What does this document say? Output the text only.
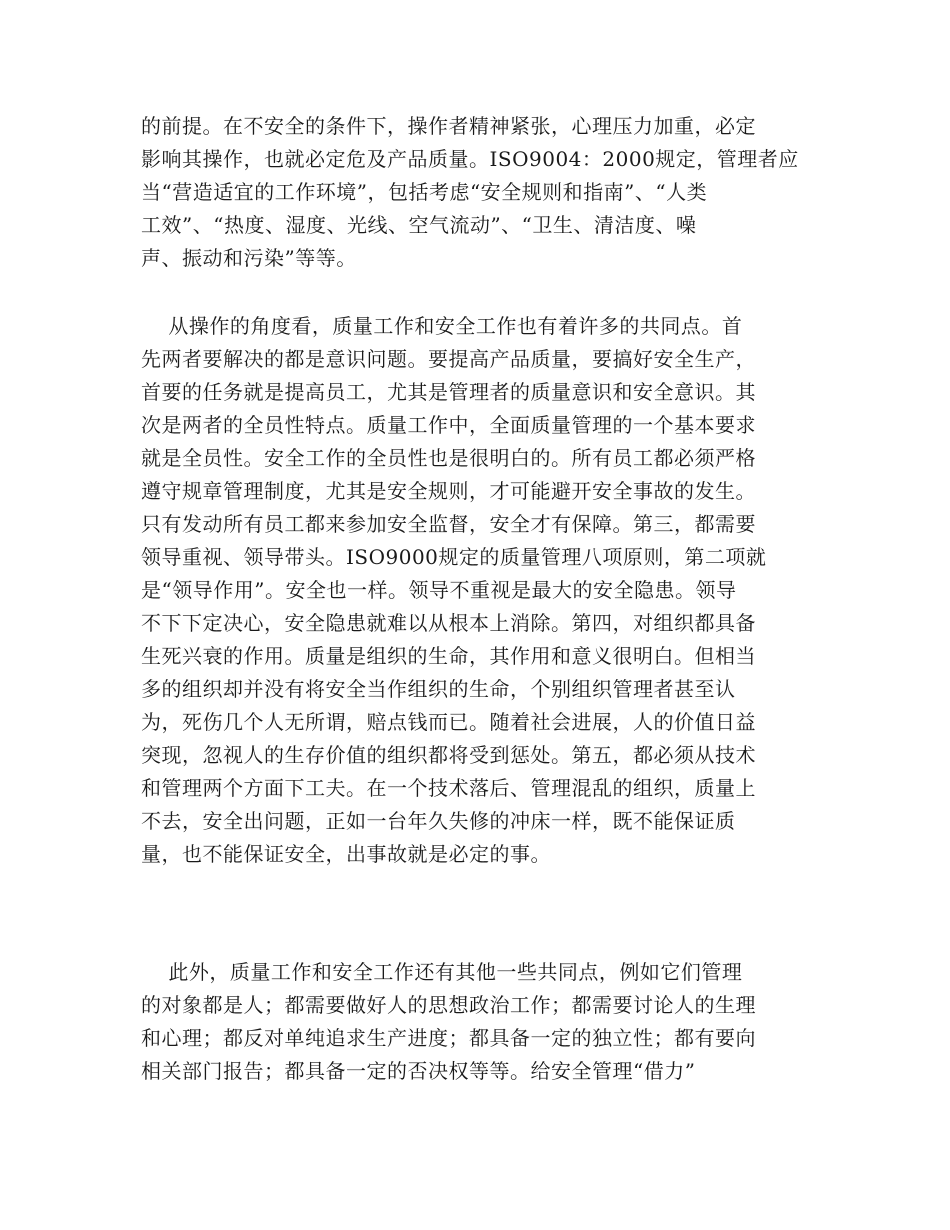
的前提。在不安全的条件下，操作者精神紧张，心理压力加重，必定
影响其操作，也就必定危及产品质量。ISO9004：2000规定，管理者应
当“营造适宜的工作环境”，包括考虑“安全规则和指南”、“人类
工效”、“热度、湿度、光线、空气流动”、“卫生、清洁度、噪
声、振动和污染”等等。
从操作的角度看，质量工作和安全工作也有着许多的共同点。首
先两者要解决的都是意识问题。要提高产品质量，要搞好安全生产，
首要的任务就是提高员工，尤其是管理者的质量意识和安全意识。其
次是两者的全员性特点。质量工作中，全面质量管理的一个基本要求
就是全员性。安全工作的全员性也是很明白的。所有员工都必须严格
遵守规章管理制度，尤其是安全规则，才可能避开安全事故的发生。
只有发动所有员工都来参加安全监督，安全才有保障。第三，都需要
领导重视、领导带头。ISO9000规定的质量管理八项原则，第二项就
是“领导作用”。安全也一样。领导不重视是最大的安全隐患。领导
不下下定决心，安全隐患就难以从根本上消除。第四，对组织都具备
生死兴衰的作用。质量是组织的生命，其作用和意义很明白。但相当
多的组织却并没有将安全当作组织的生命，个别组织管理者甚至认
为，死伤几个人无所谓，赔点钱而已。随着社会进展，人的价值日益
突现，忽视人的生存价值的组织都将受到惩处。第五，都必须从技术
和管理两个方面下工夫。在一个技术落后、管理混乱的组织，质量上
不去，安全出问题，正如一台年久失修的冲床一样，既不能保证质
量，也不能保证安全，出事故就是必定的事。
此外，质量工作和安全工作还有其他一些共同点，例如它们管理
的对象都是人；都需要做好人的思想政治工作；都需要讨论人的生理
和心理；都反对单纯追求生产进度；都具备一定的独立性；都有要向
相关部门报告；都具备一定的否决权等等。给安全管理“借力”
